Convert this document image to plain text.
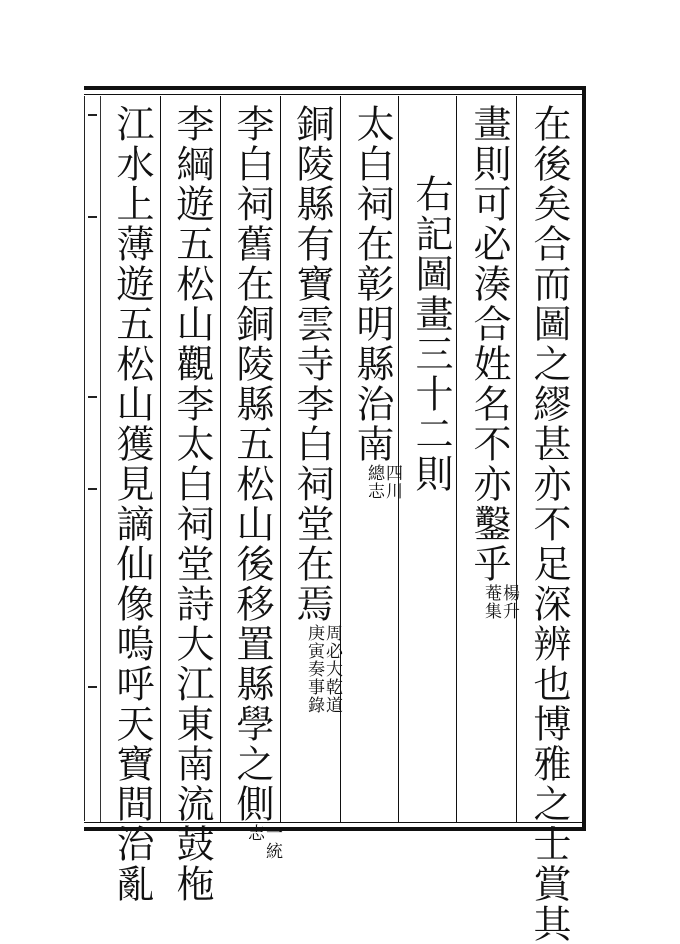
在後矣合而圖之繆甚亦不足深辨也博雅之士賞其
畫則可必湊合姓名不亦鑿乎楊升
菴集
右記圖畫三十二則
太白祠在彰明縣治南四川
總志
銅陵縣有寶雲寺李白祠堂在焉周必大乾道
庚寅奏事錄
李白祠舊在銅陵縣五松山後移置縣學之側一統
志
李綱遊五松山觀李太白祠堂詩大江東南流鼓柂
江水上薄遊五松山獲見謫仙像嗚呼天寶間治亂
